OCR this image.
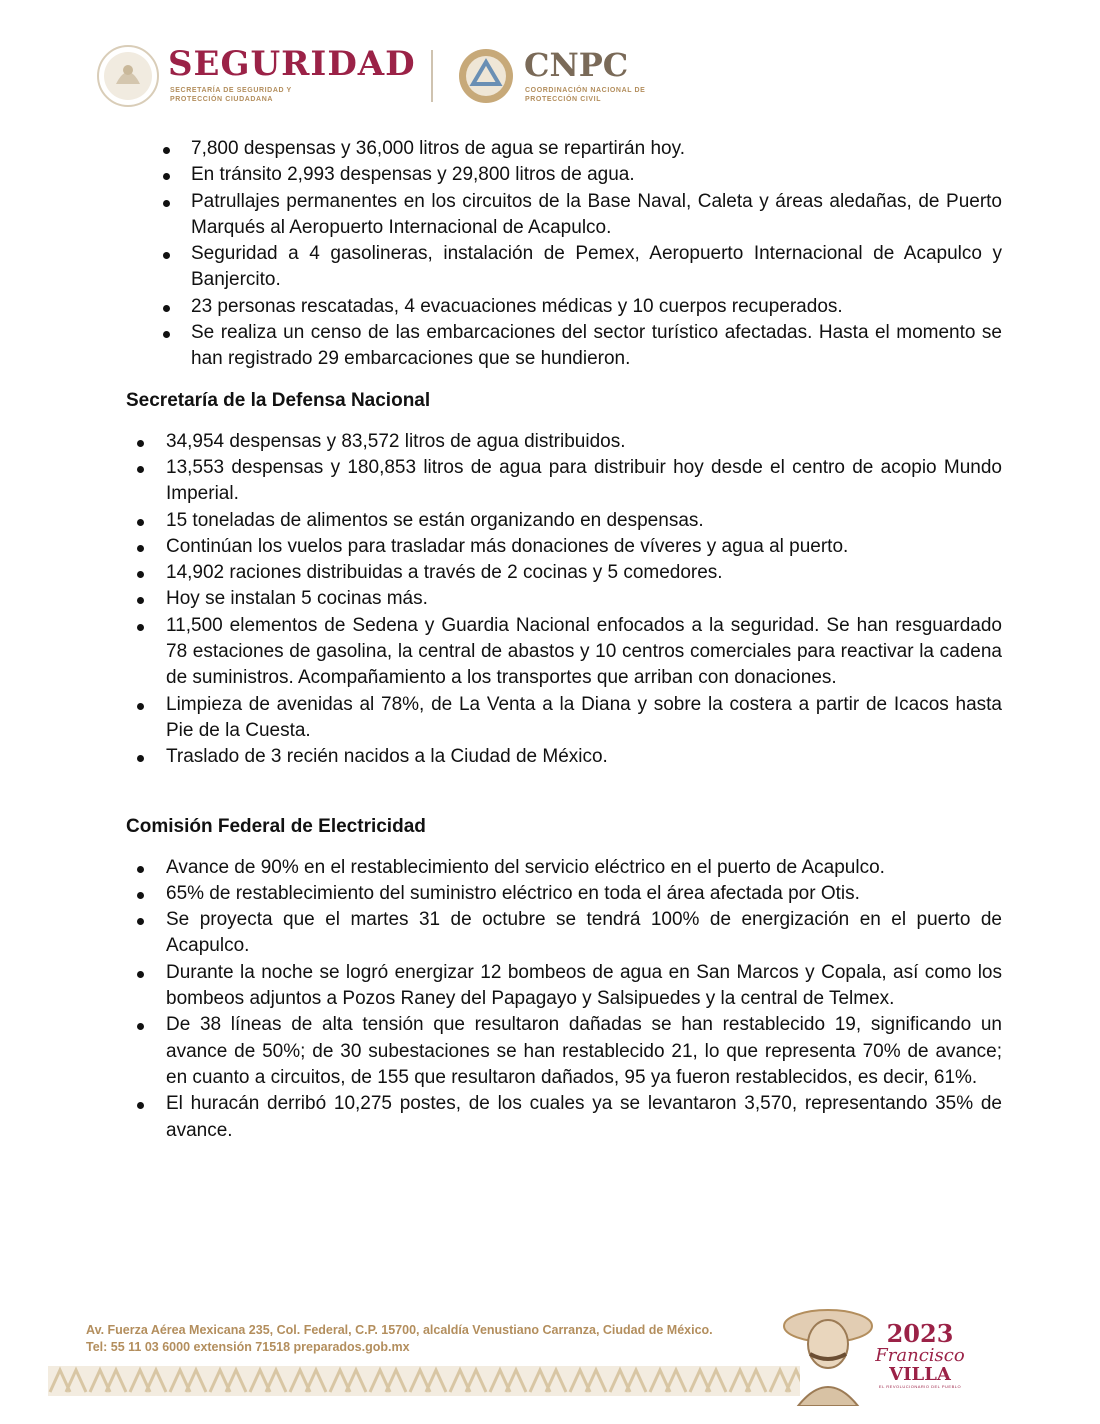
SEGURIDAD
SECRETARÍA DE SEGURIDAD Y PROTECCIÓN CIUDADANA
CNPC
COORDINACIÓN NACIONAL DE PROTECCIÓN CIVIL
7,800 despensas y 36,000 litros de agua se repartirán hoy.
En tránsito 2,993 despensas y 29,800 litros de agua.
Patrullajes permanentes en los circuitos de la Base Naval, Caleta y áreas aledañas, de Puerto Marqués al Aeropuerto Internacional de Acapulco.
Seguridad a 4 gasolineras, instalación de Pemex, Aeropuerto Internacional de Acapulco y Banjercito.
23 personas rescatadas, 4 evacuaciones médicas y 10 cuerpos recuperados.
Se realiza un censo de las embarcaciones del sector turístico afectadas. Hasta el momento se han registrado 29 embarcaciones que se hundieron.
Secretaría de la Defensa Nacional
34,954 despensas y 83,572 litros de agua distribuidos.
13,553 despensas y 180,853 litros de agua para distribuir hoy desde el centro de acopio Mundo Imperial.
15 toneladas de alimentos se están organizando en despensas.
Continúan los vuelos para trasladar más donaciones de víveres y agua al puerto.
14,902 raciones distribuidas a través de 2 cocinas y 5 comedores.
Hoy se instalan 5 cocinas más.
11,500 elementos de Sedena y Guardia Nacional enfocados a la seguridad. Se han resguardado 78 estaciones de gasolina, la central de abastos y 10 centros comerciales para reactivar la cadena de suministros. Acompañamiento a los transportes que arriban con donaciones.
Limpieza de avenidas al 78%, de La Venta a la Diana y sobre la costera a partir de Icacos hasta Pie de la Cuesta.
Traslado de 3 recién nacidos a la Ciudad de México.
Comisión Federal de Electricidad
Avance de 90% en el restablecimiento del servicio eléctrico en el puerto de Acapulco.
65% de restablecimiento del suministro eléctrico en toda el área afectada por Otis.
Se proyecta que el martes 31 de octubre se tendrá 100% de energización en el puerto de Acapulco.
Durante la noche se logró energizar 12 bombeos de agua en San Marcos y Copala, así como los bombeos adjuntos a Pozos Raney del Papagayo y Salsipuedes y la central de Telmex.
De 38 líneas de alta tensión que resultaron dañadas se han restablecido 19, significando un avance de 50%; de 30 subestaciones se han restablecido 21, lo que representa 70% de avance; en cuanto a circuitos, de 155 que resultaron dañados, 95 ya fueron restablecidos, es decir, 61%.
El huracán derribó 10,275 postes, de los cuales ya se levantaron 3,570, representando 35% de avance.
Av. Fuerza Aérea Mexicana 235, Col. Federal, C.P. 15700, alcaldía Venustiano Carranza, Ciudad de México.
Tel: 55 11 03 6000 extensión 71518 preparados.gob.mx	2023
Francisco
VILLA
EL REVOLUCIONARIO DEL PUEBLO
